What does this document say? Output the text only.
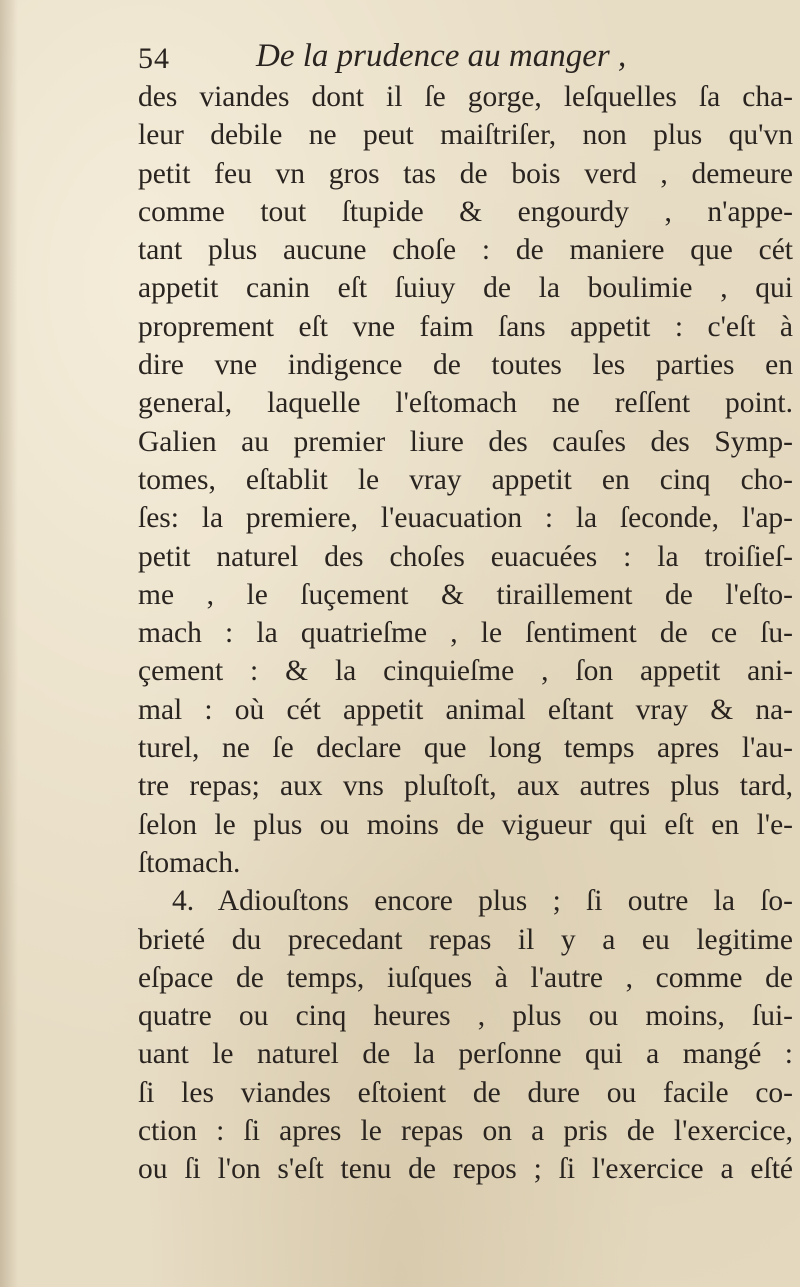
54	De la prudence au manger ,
des viandes dont il ſe gorge, leſquelles ſa cha-
leur debile ne peut maiſtriſer, non plus qu'vn
petit feu vn gros tas de bois verd , demeure
comme tout ſtupide & engourdy , n'appe-
tant plus aucune choſe : de maniere que cét
appetit canin eſt ſuiuy de la boulimie , qui
proprement eſt vne faim ſans appetit : c'eſt à
dire vne indigence de toutes les parties en
general, laquelle l'eſtomach ne reſſent point.
Galien au premier liure des cauſes des Symp-
tomes, eſtablit le vray appetit en cinq cho-
ſes: la premiere, l'euacuation : la ſeconde, l'ap-
petit naturel des choſes euacuées : la troiſieſ-
me , le ſuçement & tiraillement de l'eſto-
mach : la quatrieſme , le ſentiment de ce ſu-
çement : & la cinquieſme , ſon appetit ani-
mal : où cét appetit animal eſtant vray & na-
turel, ne ſe declare que long temps apres l'au-
tre repas; aux vns pluſtoſt, aux autres plus tard,
ſelon le plus ou moins de vigueur qui eſt en l'e-
ſtomach.
4. Adiouſtons encore plus ; ſi outre la ſo-
brieté du precedant repas il y a eu legitime
eſpace de temps, iuſques à l'autre , comme de
quatre ou cinq heures , plus ou moins, ſui-
uant le naturel de la perſonne qui a mangé :
ſi les viandes eſtoient de dure ou facile co-
ction : ſi apres le repas on a pris de l'exercice,
ou ſi l'on s'eſt tenu de repos ; ſi l'exercice a eſté
